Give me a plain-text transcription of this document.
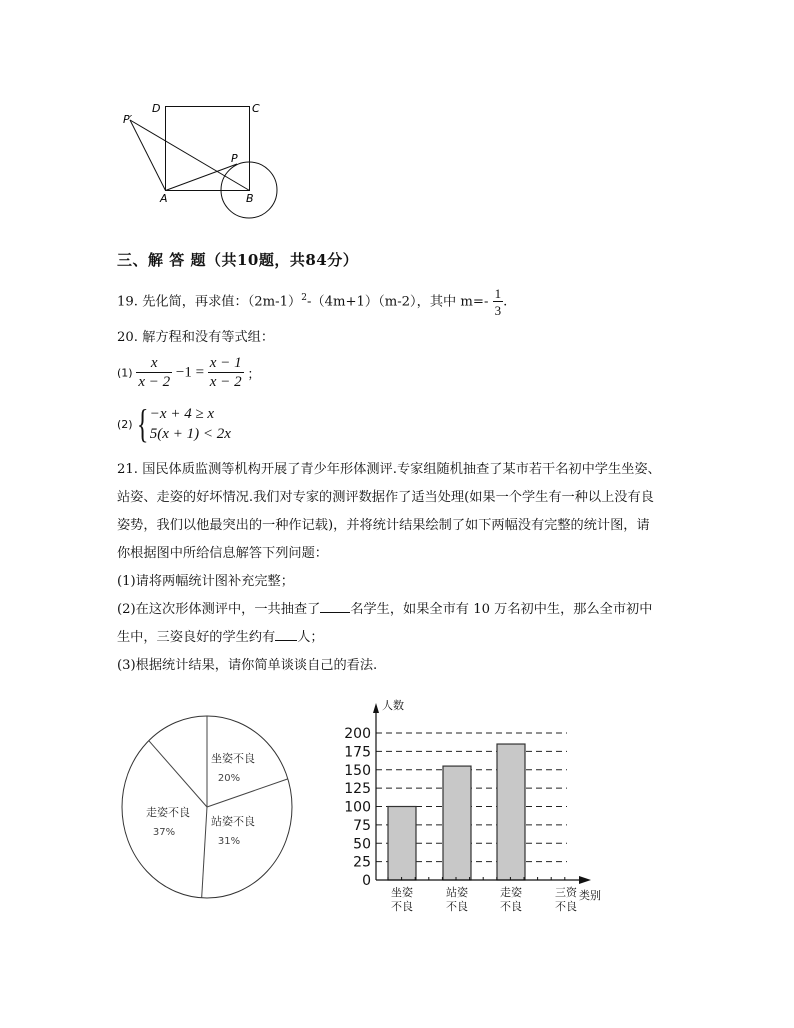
D	C
P′
P
A	B
三、解 答 题（共10题，共84分）
19. 先化简，再求值：$(2m-1)^2-(4m+1)(m-2)$，其中 $m=- \frac{1}{3}$ .
20. 解方程和没有等式组：
$(1) \frac{x}{x - 2} -1 = \frac{x - 1}{x - 2}$ ；
(2) { −x + 4 ≥ x
5(x + 1) < 2x
21. 国民体质监测等机构开展了青少年形体测评.专家组随机抽查了某市若干名初中学生坐姿、
站姿、走姿的好坏情况.我们对专家的测评数据作了适当处理(如果一个学生有一种以上没有良
姿势，我们以他最突出的一种作记载)，并将统计结果绘制了如下两幅没有完整的统计图，请
你根据图中所给信息解答下列问题：
(1)请将两幅统计图补充完整；
(2)在这次形体测评中，一共抽查了 名学生，如果全市有 10 万名初中生，那么全市初中
生中，三姿良好的学生约有 人；
(3)根据统计结果，请你简单谈谈自己的看法.
坐姿不良
20%
站姿不良
31%
走姿不良
37%
0
25
50
75
100
125
150
175
200
人数
类别
坐姿
不良
站姿
不良
走姿
不良
三资
不良
